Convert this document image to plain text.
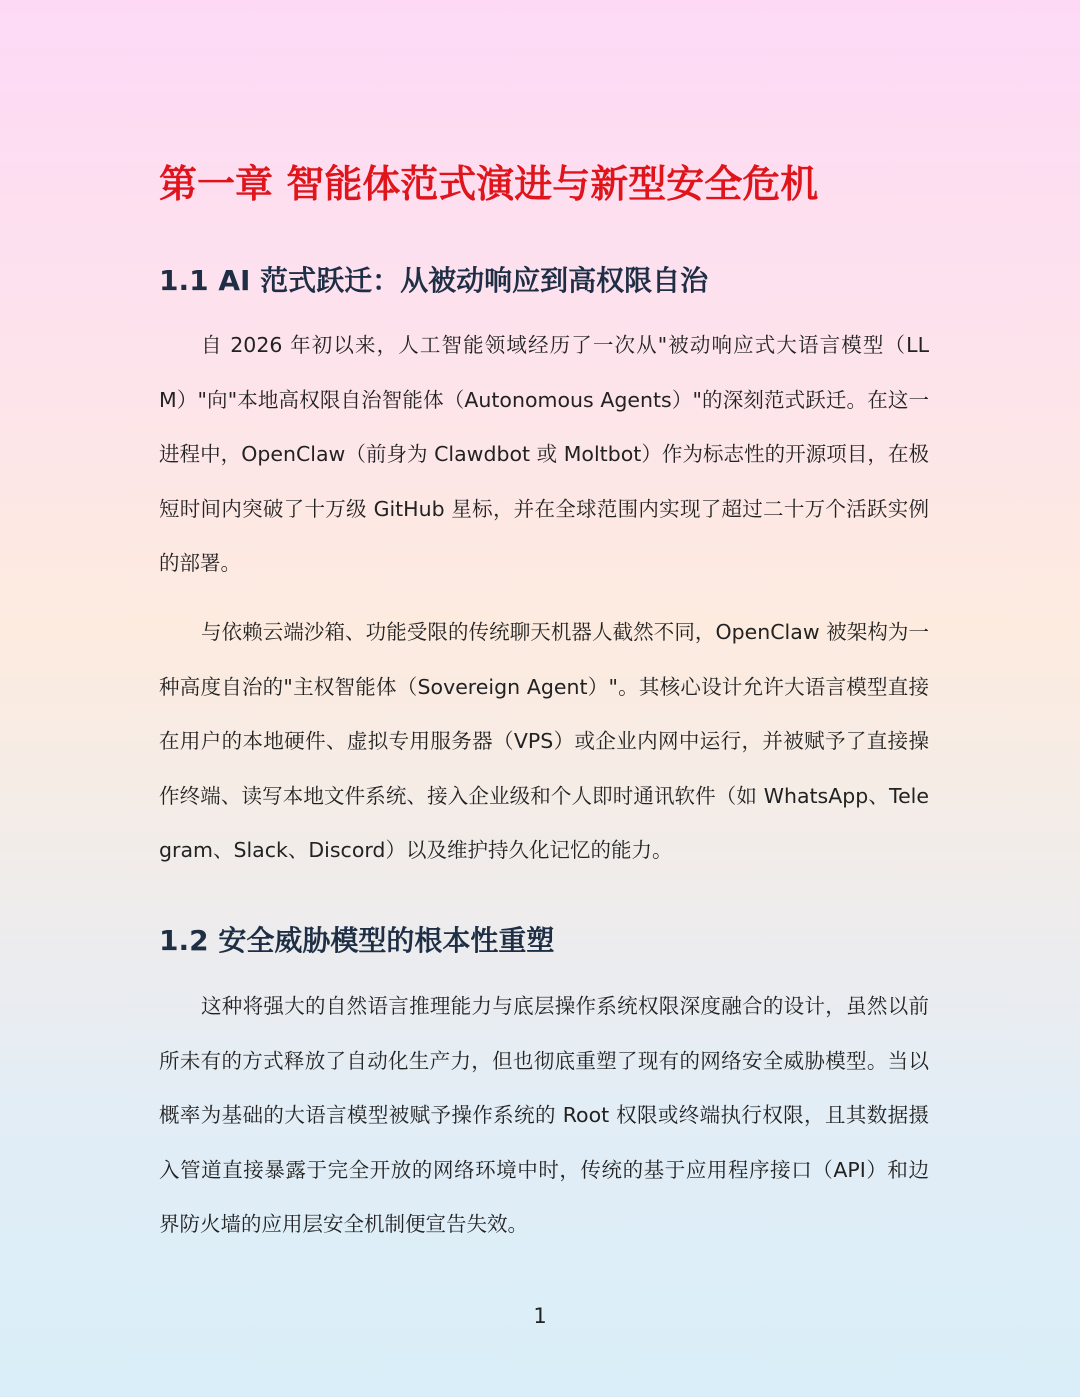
第一章 智能体范式演进与新型安全危机
1.1 AI 范式跃迁：从被动响应到高权限自治

自 2026 年初以来，人工智能领域经历了一次从"被动响应式大语言模型（LLM）"向"本地高权限自治智能体（Autonomous Agents）"的深刻范式跃迁。在这一进程中，OpenClaw（前身为 Clawdbot 或 Moltbot）作为标志性的开源项目，在极短时间内突破了十万级 GitHub 星标，并在全球范围内实现了超过二十万个活跃实例的部署。

与依赖云端沙箱、功能受限的传统聊天机器人截然不同，OpenClaw 被架构为一种高度自治的"主权智能体（Sovereign Agent）"。其核心设计允许大语言模型直接在用户的本地硬件、虚拟专用服务器（VPS）或企业内网中运行，并被赋予了直接操作终端、读写本地文件系统、接入企业级和个人即时通讯软件（如 WhatsApp、Telegram、Slack、Discord）以及维护持久化记忆的能力。

1.2 安全威胁模型的根本性重塑

这种将强大的自然语言推理能力与底层操作系统权限深度融合的设计，虽然以前所未有的方式释放了自动化生产力，但也彻底重塑了现有的网络安全威胁模型。当以概率为基础的大语言模型被赋予操作系统的 Root 权限或终端执行权限，且其数据摄入管道直接暴露于完全开放的网络环境中时，传统的基于应用程序接口（API）和边界防火墙的应用层安全机制便宣告失效。

1
